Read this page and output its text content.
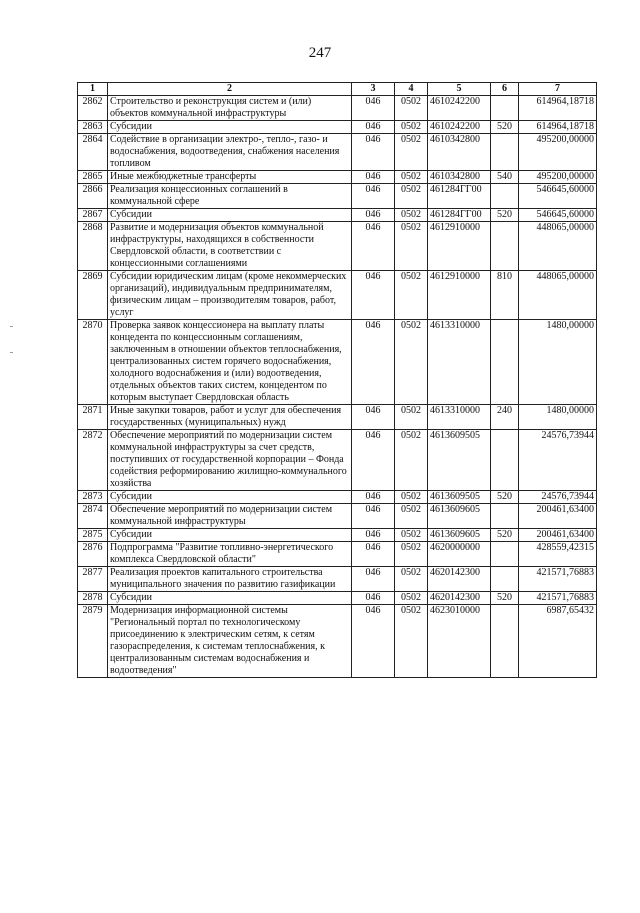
247
1	2	3	4	5	6	7
2862	Строительство и реконструкция систем и (или) объектов коммунальной инфраструктуры	046	0502	4610242200		614964,18718
2863	Субсидии	046	0502	4610242200	520	614964,18718
2864	Содействие в организации электро-, тепло-, газо- и водоснабжения, водоотведения, снабжения населения топливом	046	0502	4610342800		495200,00000
2865	Иные межбюджетные трансферты	046	0502	4610342800	540	495200,00000
2866	Реализация концессионных соглашений в коммунальной сфере	046	0502	461284ГГ00		546645,60000
2867	Субсидии	046	0502	461284ГГ00	520	546645,60000
2868	Развитие и модернизация объектов коммунальной инфраструктуры, находящихся в собственности Свердловской области, в соответствии с концессионными соглашениями	046	0502	4612910000		448065,00000
2869	Субсидии юридическим лицам (кроме некоммерческих организаций), индивидуальным предпринимателям, физическим лицам – производителям товаров, работ, услуг	046	0502	4612910000	810	448065,00000
2870	Проверка заявок концессионера на выплату платы концедента по концессионным соглашениям, заключенным в отношении объектов теплоснабжения, централизованных систем горячего водоснабжения, холодного водоснабжения и (или) водоотведения, отдельных объектов таких систем, концедентом по которым выступает Свердловская область	046	0502	4613310000		1480,00000
2871	Иные закупки товаров, работ и услуг для обеспечения государственных (муниципальных) нужд	046	0502	4613310000	240	1480,00000
2872	Обеспечение мероприятий по модернизации систем коммунальной инфраструктуры за счет средств, поступивших от государственной корпорации – Фонда содействия реформированию жилищно-коммунального хозяйства	046	0502	4613609505		24576,73944
2873	Субсидии	046	0502	4613609505	520	24576,73944
2874	Обеспечение мероприятий по модернизации систем коммунальной инфраструктуры	046	0502	4613609605		200461,63400
2875	Субсидии	046	0502	4613609605	520	200461,63400
2876	Подпрограмма "Развитие топливно-энергетического комплекса Свердловской области"	046	0502	4620000000		428559,42315
2877	Реализация проектов капитального строительства муниципального значения по развитию газификации	046	0502	4620142300		421571,76883
2878	Субсидии	046	0502	4620142300	520	421571,76883
2879	Модернизация информационной системы "Региональный портал по технологическому присоединению к электрическим сетям, к сетям газораспределения, к системам теплоснабжения, к централизованным системам водоснабжения и водоотведения"	046	0502	4623010000		6987,65432
